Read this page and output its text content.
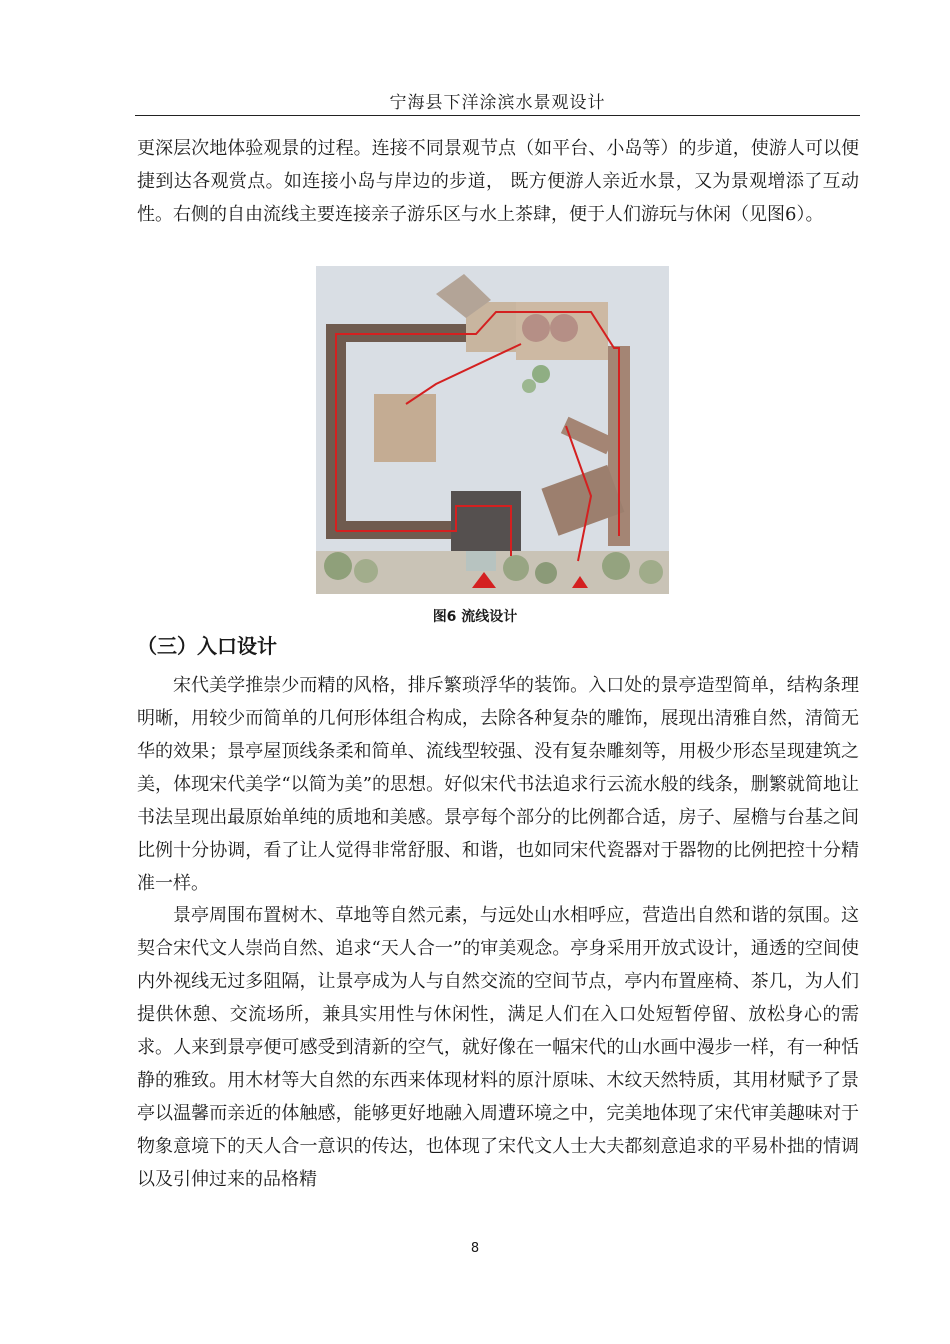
宁海县下洋涂滨水景观设计

更深层次地体验观景的过程。连接不同景观节点（如平台、小岛等）的步道，使游人可以便捷到达各观赏点。如连接小岛与岸边的步道， 既方便游人亲近水景，又为景观增添了互动性。右侧的自由流线主要连接亲子游乐区与水上茶肆，便于人们游玩与休闲（见图6）。

图6 流线设计
（三）入口设计

宋代美学推崇少而精的风格，排斥繁琐浮华的装饰。入口处的景亭造型简单，结构条理明晰，用较少而简单的几何形体组合构成，去除各种复杂的雕饰，展现出清雅自然，清简无华的效果；景亭屋顶线条柔和简单、流线型较强、没有复杂雕刻等，用极少形态呈现建筑之美，体现宋代美学“以简为美”的思想。好似宋代书法追求行云流水般的线条，删繁就简地让书法呈现出最原始单纯的质地和美感。景亭每个部分的比例都合适，房子、屋檐与台基之间比例十分协调，看了让人觉得非常舒服、和谐，也如同宋代瓷器对于器物的比例把控十分精准一样。

景亭周围布置树木、草地等自然元素，与远处山水相呼应，营造出自然和谐的氛围。这契合宋代文人崇尚自然、追求“天人合一”的审美观念。亭身采用开放式设计，通透的空间使内外视线无过多阻隔，让景亭成为人与自然交流的空间节点，亭内布置座椅、茶几，为人们提供休憩、交流场所，兼具实用性与休闲性，满足人们在入口处短暂停留、放松身心的需求。人来到景亭便可感受到清新的空气，就好像在一幅宋代的山水画中漫步一样，有一种恬静的雅致。用木材等大自然的东西来体现材料的原汁原味、木纹天然特质，其用材赋予了景亭以温馨而亲近的体触感，能够更好地融入周遭环境之中，完美地体现了宋代审美趣味对于物象意境下的天人合一意识的传达，也体现了宋代文人士大夫都刻意追求的平易朴拙的情调以及引伸过来的品格精

8
